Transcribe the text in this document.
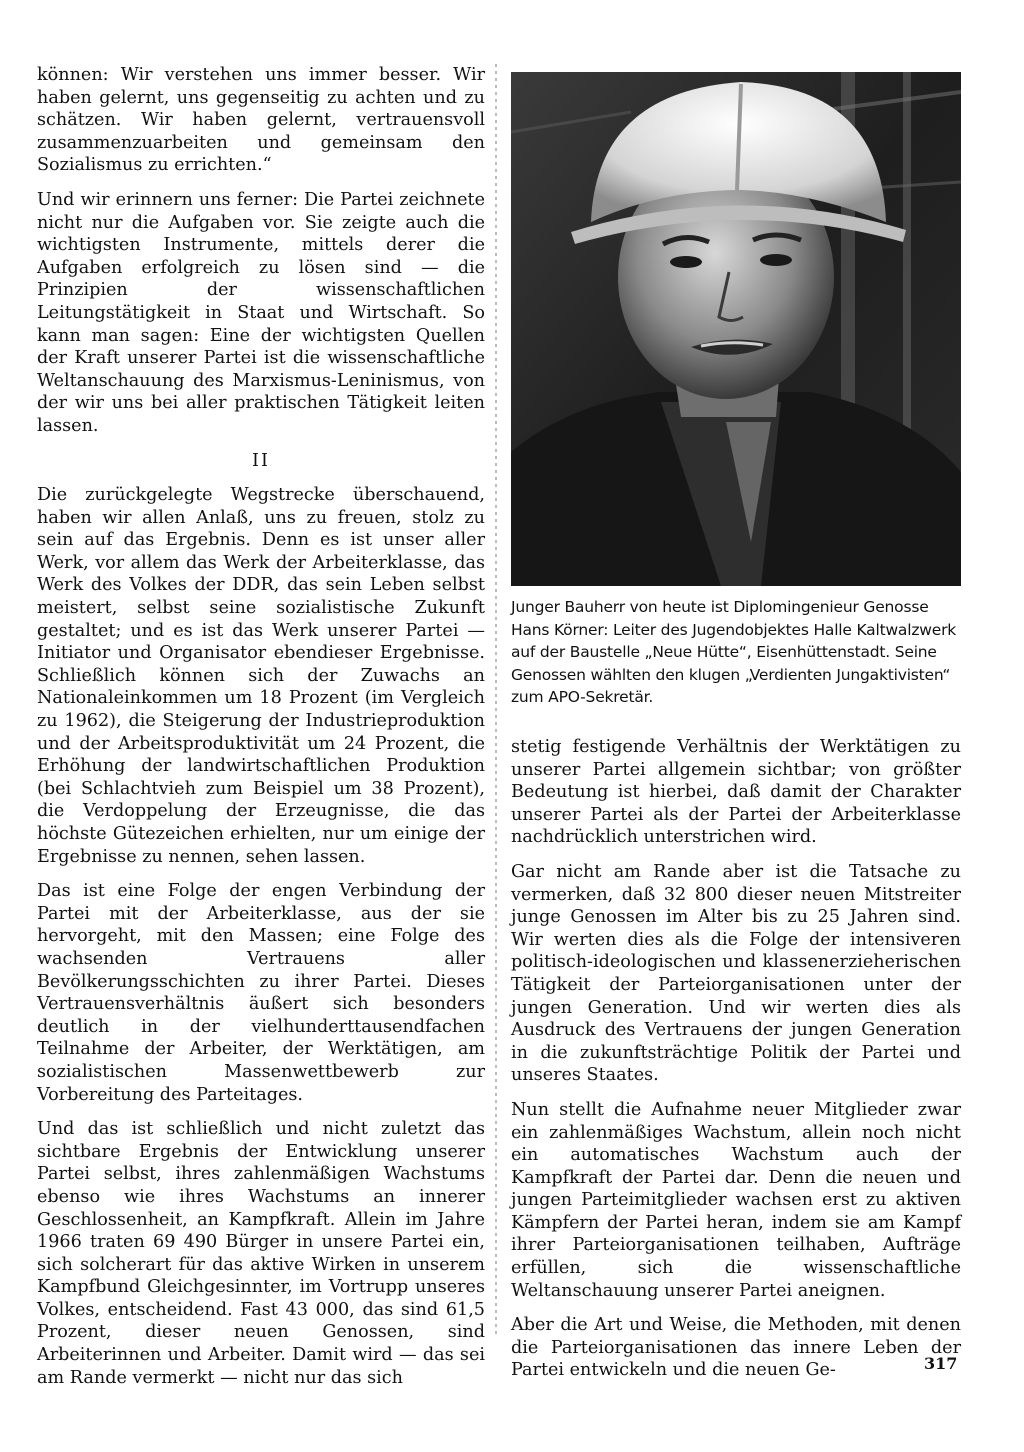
können: Wir verstehen uns immer besser. Wir haben gelernt, uns gegenseitig zu achten und zu schätzen. Wir haben gelernt, vertrauensvoll zusammenzuarbeiten und gemeinsam den Sozialismus zu errichten.“

Und wir erinnern uns ferner: Die Partei zeichnete nicht nur die Aufgaben vor. Sie zeigte auch die wichtigsten Instrumente, mittels derer die Aufgaben erfolgreich zu lösen sind — die Prinzipien der wissenschaftlichen Leitungstätigkeit in Staat und Wirtschaft. So kann man sagen: Eine der wichtigsten Quellen der Kraft unserer Partei ist die wissenschaftliche Weltanschauung des Marxismus-Leninismus, von der wir uns bei aller praktischen Tätigkeit leiten lassen.

II

Die zurückgelegte Wegstrecke überschauend, haben wir allen Anlaß, uns zu freuen, stolz zu sein auf das Ergebnis. Denn es ist unser aller Werk, vor allem das Werk der Arbeiterklasse, das Werk des Volkes der DDR, das sein Leben selbst meistert, selbst seine sozialistische Zukunft gestaltet; und es ist das Werk unserer Partei — Initiator und Organisator ebendieser Ergebnisse. Schließlich können sich der Zuwachs an Nationaleinkommen um 18 Prozent (im Vergleich zu 1962), die Steigerung der Industrieproduktion und der Arbeitsproduktivität um 24 Prozent, die Erhöhung der landwirtschaftlichen Produktion (bei Schlachtvieh zum Beispiel um 38 Prozent), die Verdoppelung der Erzeugnisse, die das höchste Gütezeichen erhielten, nur um einige der Ergebnisse zu nennen, sehen lassen.

Das ist eine Folge der engen Verbindung der Partei mit der Arbeiterklasse, aus der sie hervorgeht, mit den Massen; eine Folge des wachsenden Vertrauens aller Bevölkerungsschichten zu ihrer Partei. Dieses Vertrauensverhältnis äußert sich besonders deutlich in der vielhunderttausendfachen Teilnahme der Arbeiter, der Werktätigen, am sozialistischen Massenwettbewerb zur Vorbereitung des Parteitages.

Und das ist schließlich und nicht zuletzt das sichtbare Ergebnis der Entwicklung unserer Partei selbst, ihres zahlenmäßigen Wachstums ebenso wie ihres Wachstums an innerer Geschlossenheit, an Kampfkraft. Allein im Jahre 1966 traten 69 490 Bürger in unsere Partei ein, sich solcherart für das aktive Wirken in unserem Kampfbund Gleichgesinnter, im Vortrupp unseres Volkes, entscheidend. Fast 43 000, das sind 61,5 Prozent, dieser neuen Genossen, sind Arbeiterinnen und Arbeiter. Damit wird — das sei am Rande vermerkt — nicht nur das sich

Junger Bauherr von heute ist Diplomingenieur Genosse Hans Körner: Leiter des Jugendobjektes Halle Kaltwalzwerk auf der Baustelle „Neue Hütte“, Eisenhüttenstadt. Seine Genossen wählten den klugen „Verdienten Jungaktivisten“ zum APO-Sekretär.

stetig festigende Verhältnis der Werktätigen zu unserer Partei allgemein sichtbar; von größter Bedeutung ist hierbei, daß damit der Charakter unserer Partei als der Partei der Arbeiterklasse nachdrücklich unterstrichen wird.

Gar nicht am Rande aber ist die Tatsache zu vermerken, daß 32 800 dieser neuen Mitstreiter junge Genossen im Alter bis zu 25 Jahren sind. Wir werten dies als die Folge der intensiveren politisch-ideologischen und klassenerzieherischen Tätigkeit der Parteiorganisationen unter der jungen Generation. Und wir werten dies als Ausdruck des Vertrauens der jungen Generation in die zukunftsträchtige Politik der Partei und unseres Staates.

Nun stellt die Aufnahme neuer Mitglieder zwar ein zahlenmäßiges Wachstum, allein noch nicht ein automatisches Wachstum auch der Kampfkraft der Partei dar. Denn die neuen und jungen Parteimitglieder wachsen erst zu aktiven Kämpfern der Partei heran, indem sie am Kampf ihrer Parteiorganisationen teilhaben, Aufträge erfüllen, sich die wissenschaftliche Weltanschauung unserer Partei aneignen.

Aber die Art und Weise, die Methoden, mit denen die Parteiorganisationen das innere Leben der Partei entwickeln und die neuen Ge-	317
